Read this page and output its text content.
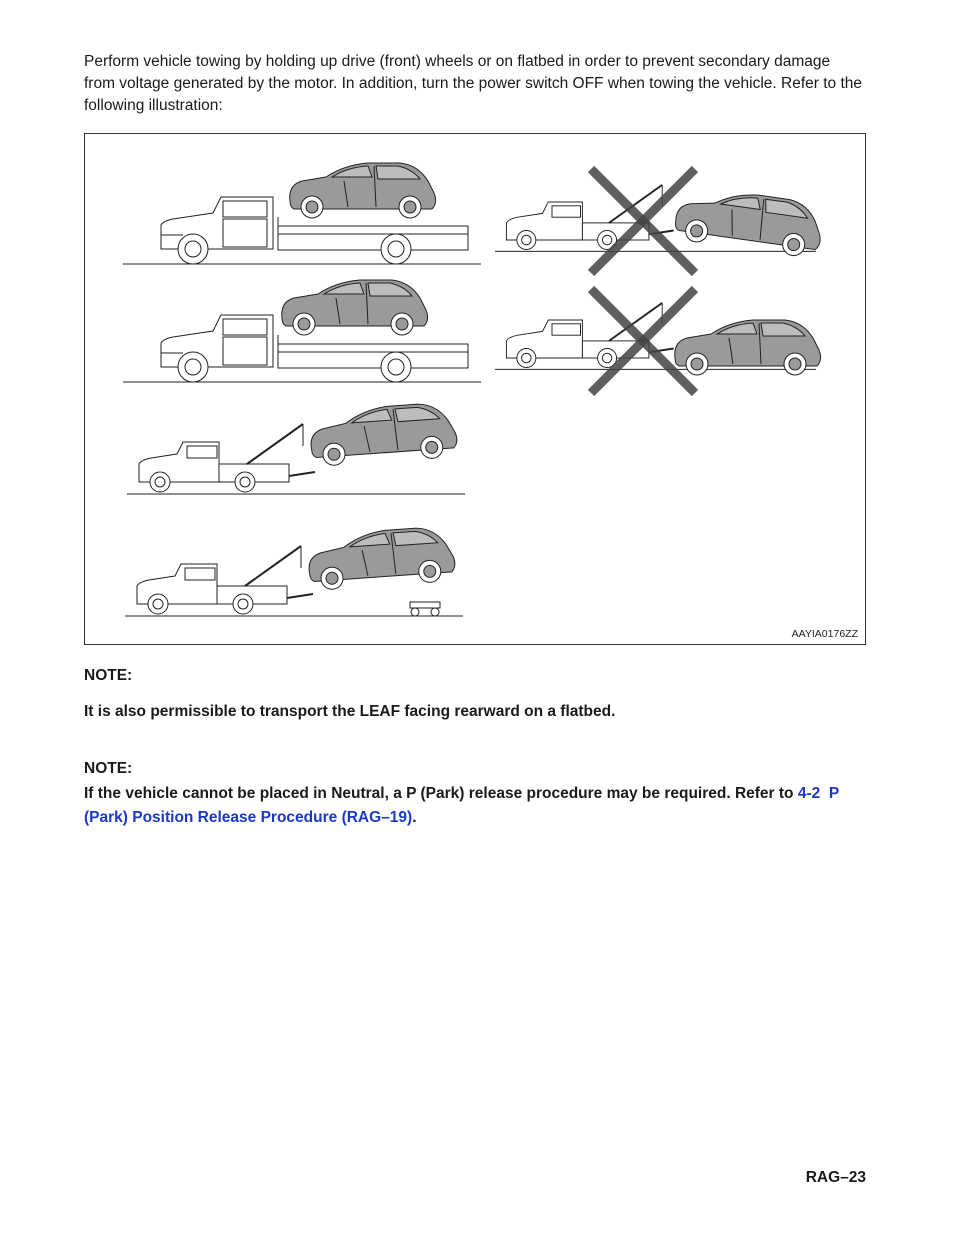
Perform vehicle towing by holding up drive (front) wheels or on flatbed in order to prevent secondary damage from voltage generated by the motor. In addition, turn the power switch OFF when towing the vehicle. Refer to the following illustration:

AAYIA0176ZZ

NOTE:

It is also permissible to transport the LEAF facing rearward on a flatbed.

NOTE:

If the vehicle cannot be placed in Neutral, a P (Park) release procedure may be required. Refer to 4-2 P (Park) Position Release Procedure (RAG–19).

RAG–23
